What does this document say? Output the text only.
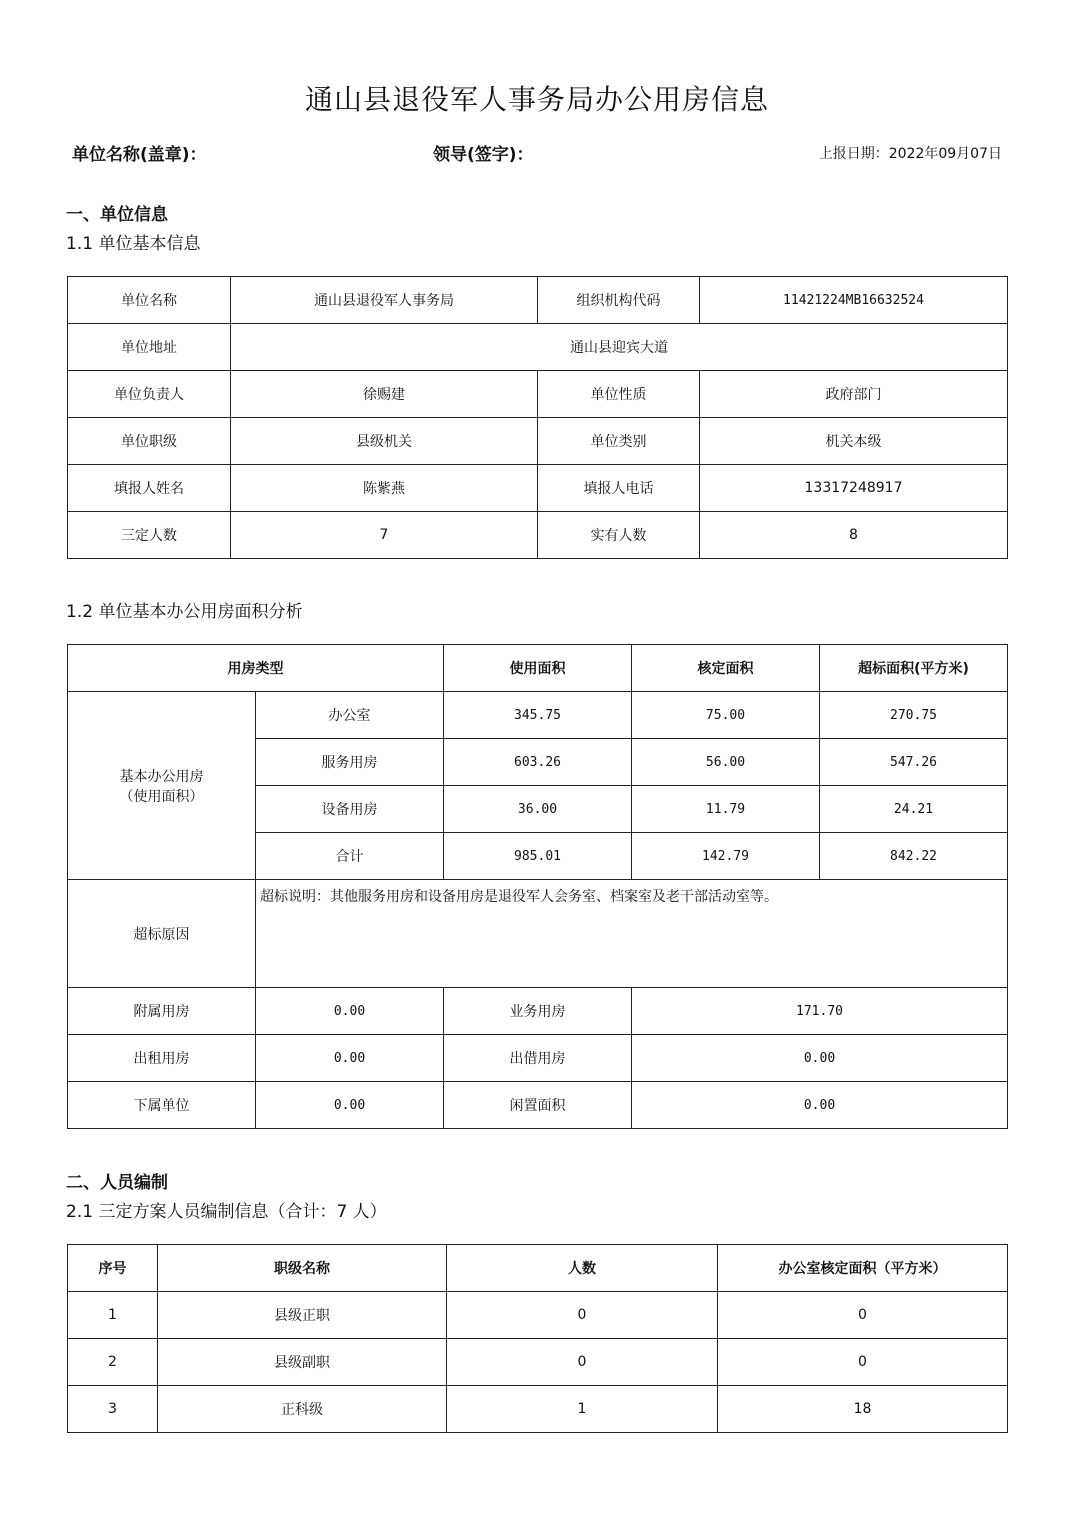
通山县退役军人事务局办公用房信息
单位名称(盖章)：	领导(签字)：	上报日期：2022年09月07日
一、单位信息
1.1 单位基本信息
单位名称	通山县退役军人事务局	组织机构代码	11421224MB16632524
单位地址	通山县迎宾大道		
单位负责人	徐赐建	单位性质	政府部门
单位职级	县级机关	单位类别	机关本级
填报人姓名	陈紫燕	填报人电话	13317248917
三定人数	7	实有人数	8
1.2 单位基本办公用房面积分析
用房类型		使用面积	核定面积	超标面积(平方米)

基本办公用房
（使用面积）	办公室	345.75	75.00	270.75
	服务用房	603.26	56.00	547.26
	设备用房	36.00	11.79	24.21
	合计	985.01	142.79	842.22
超标原因	超标说明：其他服务用房和设备用房是退役军人会务室、档案室及老干部活动室等。			
附属用房	0.00	业务用房	171.70	
出租用房	0.00	出借用房	0.00	
下属单位	0.00	闲置面积	0.00	
二、人员编制
2.1 三定方案人员编制信息（合计：7 人）
序号	职级名称	人数	办公室核定面积（平方米）
1	县级正职	0	0
2	县级副职	0	0
3	正科级	1	18
